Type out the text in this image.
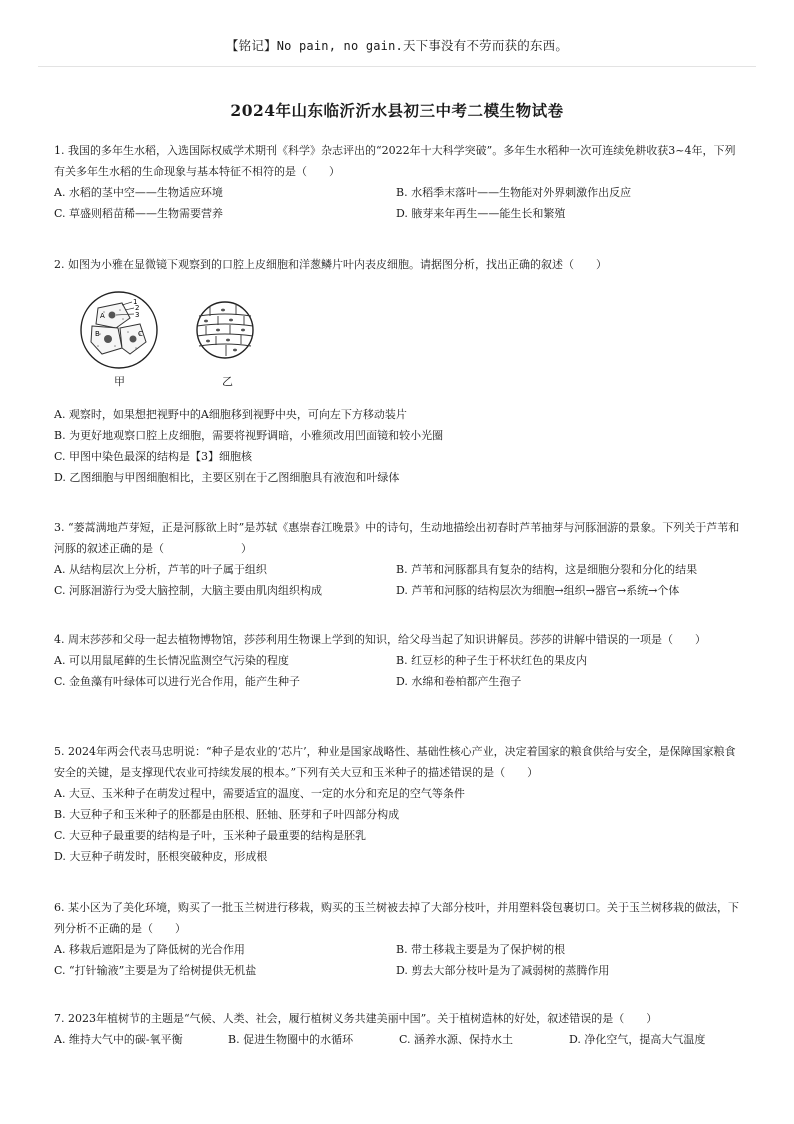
【铭记】No pain, no gain.天下事没有不劳而获的东西。
2024年山东临沂沂水县初三中考二模生物试卷
1. 我国的多年生水稻，入选国际权威学术期刊《科学》杂志评出的“2022年十大科学突破”。多年生水稻种一次可连续免耕收获3~4年，下列有关多年生水稻的生命现象与基本特征不相符的是（　　）
A. 水稻的茎中空——生物适应环境	B. 水稻季末落叶——生物能对外界刺激作出反应
C. 草盛则稻苗稀——生物需要营养	D. 腋芽来年再生——能生长和繁殖
2. 如图为小雅在显微镜下观察到的口腔上皮细胞和洋葱鳞片叶内表皮细胞。请据图分析，找出正确的叙述（　　）
1
2
3
A
B	C
甲	乙
A. 观察时，如果想把视野中的A细胞移到视野中央，可向左下方移动装片
B. 为更好地观察口腔上皮细胞，需要将视野调暗，小雅须改用凹面镜和较小光圈
C. 甲图中染色最深的结构是【3】细胞核
D. 乙图细胞与甲图细胞相比，主要区别在于乙图细胞具有液泡和叶绿体
3. “蒌蒿满地芦芽短，正是河豚欲上时”是苏轼《惠崇春江晚景》中的诗句，生动地描绘出初春时芦苇抽芽与河豚洄游的景象。下列关于芦苇和河豚的叙述正确的是（　　　　　　　）
A. 从结构层次上分析，芦苇的叶子属于组织	B. 芦苇和河豚都具有复杂的结构，这是细胞分裂和分化的结果
C. 河豚洄游行为受大脑控制，大脑主要由肌肉组织构成	D. 芦苇和河豚的结构层次为细胞→组织→器官→系统→个体
4. 周末莎莎和父母一起去植物博物馆，莎莎利用生物课上学到的知识，给父母当起了知识讲解员。莎莎的讲解中错误的一项是（　　）
A. 可以用鼠尾藓的生长情况监测空气污染的程度	B. 红豆杉的种子生于杯状红色的果皮内
C. 金鱼藻有叶绿体可以进行光合作用，能产生种子	D. 水绵和卷柏都产生孢子
5. 2024年两会代表马忠明说：“种子是农业的‘芯片’，种业是国家战略性、基础性核心产业，决定着国家的粮食供给与安全，是保障国家粮食安全的关键，是支撑现代农业可持续发展的根本。”下列有关大豆和玉米种子的描述错误的是（　　）
A. 大豆、玉米种子在萌发过程中，需要适宜的温度、一定的水分和充足的空气等条件
B. 大豆种子和玉米种子的胚都是由胚根、胚轴、胚芽和子叶四部分构成
C. 大豆种子最重要的结构是子叶，玉米种子最重要的结构是胚乳
D. 大豆种子萌发时，胚根突破种皮，形成根
6. 某小区为了美化环境，购买了一批玉兰树进行移栽，购买的玉兰树被去掉了大部分枝叶，并用塑料袋包裹切口。关于玉兰树移栽的做法，下列分析不正确的是（　　）
A. 移栽后遮阳是为了降低树的光合作用	B. 带土移栽主要是为了保护树的根
C. “打针输液”主要是为了给树提供无机盐	D. 剪去大部分枝叶是为了减弱树的蒸腾作用
7. 2023年植树节的主题是“气候、人类、社会，履行植树义务共建美丽中国”。关于植树造林的好处，叙述错误的是（　　）
A. 维持大气中的碳-氧平衡	B. 促进生物圈中的水循环	C. 涵养水源、保持水土	D. 净化空气，提高大气温度
